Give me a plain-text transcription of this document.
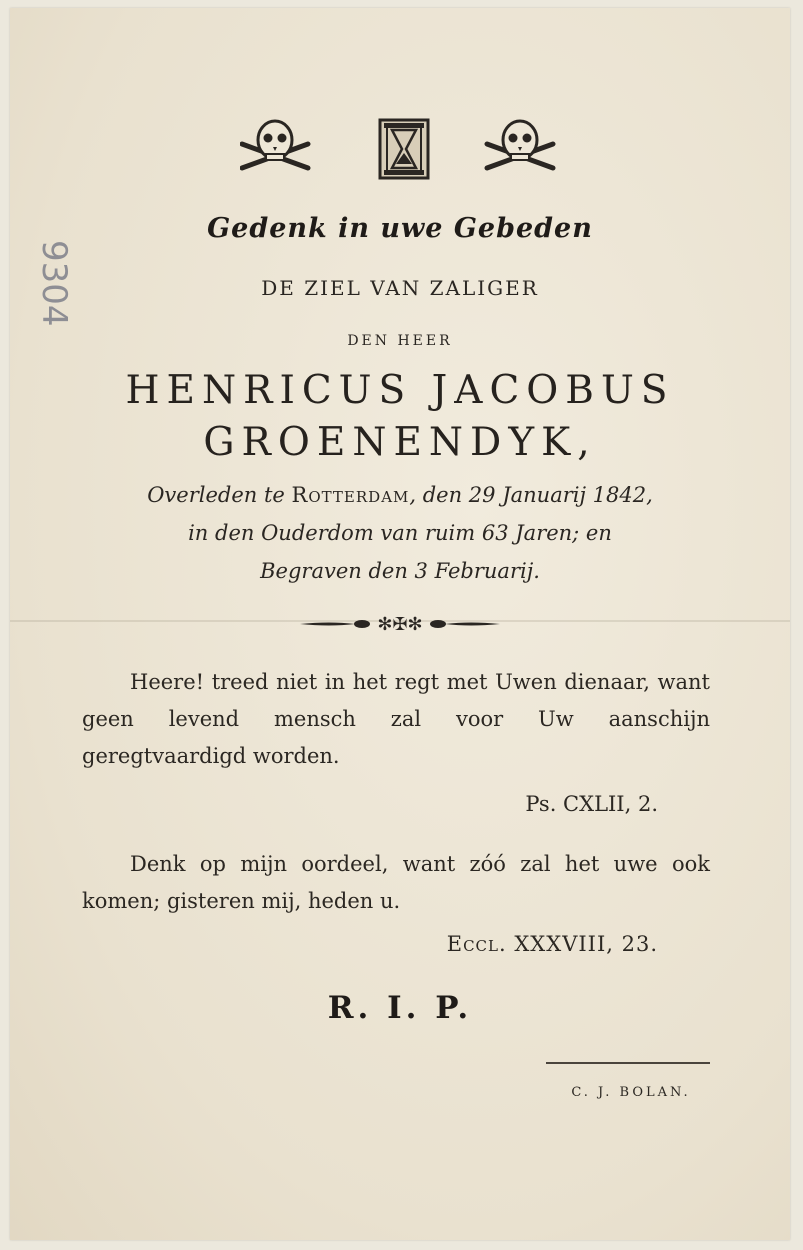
9304
Gedenk in uwe Gebeden
DE ZIEL VAN ZALIGER
DEN HEER
HENRICUS JACOBUS
GROENENDYK,
Overleden te Rotterdam, den 29 Januarij 1842,
in den Ouderdom van ruim 63 Jaren; en
Begraven den 3 Februarij.
✻✠✻
Heere! treed niet in het regt met Uwen dienaar, want geen levend mensch zal voor Uw aanschijn geregtvaardigd worden.
Ps. CXLII, 2.
Denk op mijn oordeel, want zóó zal het uwe ook komen; gisteren mij, heden u.
Eccl. XXXVIII, 23.
R. I. P.
C. J. BOLAN.
